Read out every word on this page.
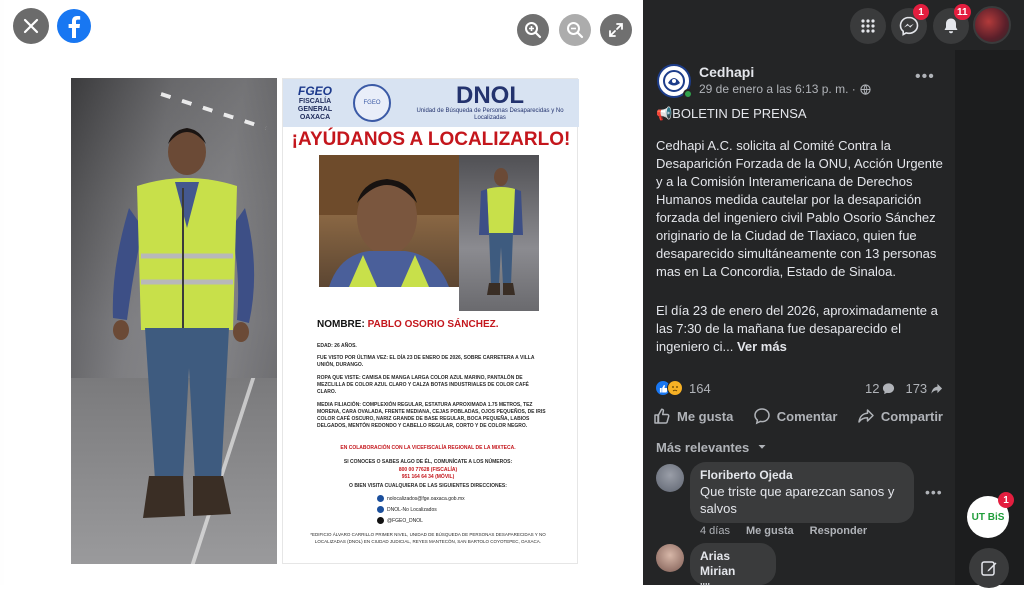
FGEO
FISCALÍA GENERAL OAXACA
FGEO	DNOL
Unidad de Búsqueda de Personas Desaparecidas y No Localizadas
¡AYÚDANOS A LOCALIZARLO!
NOMBRE: PABLO OSORIO SÁNCHEZ.
EDAD: 26 AÑOS.
FUE VISTO POR ÚLTIMA VEZ: EL DÍA 23 DE ENERO DE 2026, SOBRE CARRETERA A VILLA UNIÓN, DURANGO.
ROPA QUE VISTE: CAMISA DE MANGA LARGA COLOR AZUL MARINO, PANTALÓN DE MEZCLILLA DE COLOR AZUL CLARO Y CALZA BOTAS INDUSTRIALES DE COLOR CAFÉ CLARO.
MEDIA FILIACIÓN: COMPLEXIÓN REGULAR, ESTATURA APROXIMADA 1.75 METROS, TEZ MORENA, CARA OVALADA, FRENTE MEDIANA, CEJAS POBLADAS, OJOS PEQUEÑOS, DE IRIS COLOR CAFÉ OSCURO, NARIZ GRANDE DE BASE REGULAR, BOCA PEQUEÑA, LABIOS DELGADOS, MENTÓN REDONDO Y CABELLO REGULAR, CORTO Y DE COLOR NEGRO.
EN COLABORACIÓN CON LA VICEFISCALÍA REGIONAL DE LA MIXTECA.
SI CONOCES O SABES ALGO DE ÉL, COMUNÍCATE A LOS NÚMEROS:
800 00 77628 (FISCALÍA)
951 164 64 34 (MÓVIL)
O BIEN VISITA CUALQUIERA DE LAS SIGUIENTES DIRECCIONES:
nolocalizados@fge.oaxaca.gob.mx
DNOL-No Localizados
@FGEO_DNOL
*EDIFICIO ÁLVARO CARRILLO PRIMER NIVEL, UNIDAD DE BÚSQUEDA DE PERSONAS DESAPARECIDAS Y NO LOCALIZADAS (DNOL) EN CIUDAD JUDICIAL, REYES MANTECÓN, SAN BARTOLO COYOTEPEC, OAXACA.
1	11
Cedhapi
29 de enero a las 6:13 p. m. ·
•••
📢BOLETIN DE PRENSA
Cedhapi A.C. solicita al Comité Contra la Desaparición Forzada de la ONU, Acción Urgente y a la Comisión Interamericana de Derechos Humanos medida cautelar por la desaparición forzada del ingeniero civil Pablo Osorio Sánchez originario de la Ciudad de Tlaxiaco, quien fue desaparecido simultáneamente con 13 personas mas en La Concordia, Estado de Sinaloa.
El día 23 de enero del 2026, aproximadamente a las 7:30 de la mañana fue desaparecido el ingeniero ci... Ver más
164	12 173
Me gusta	Comentar	Compartir
Más relevantes
Floriberto Ojeda
Que triste que aparezcan sanos y salvos
•••
4 días Me gusta Responder
Arias Mirian
''''
UT BiS
1
